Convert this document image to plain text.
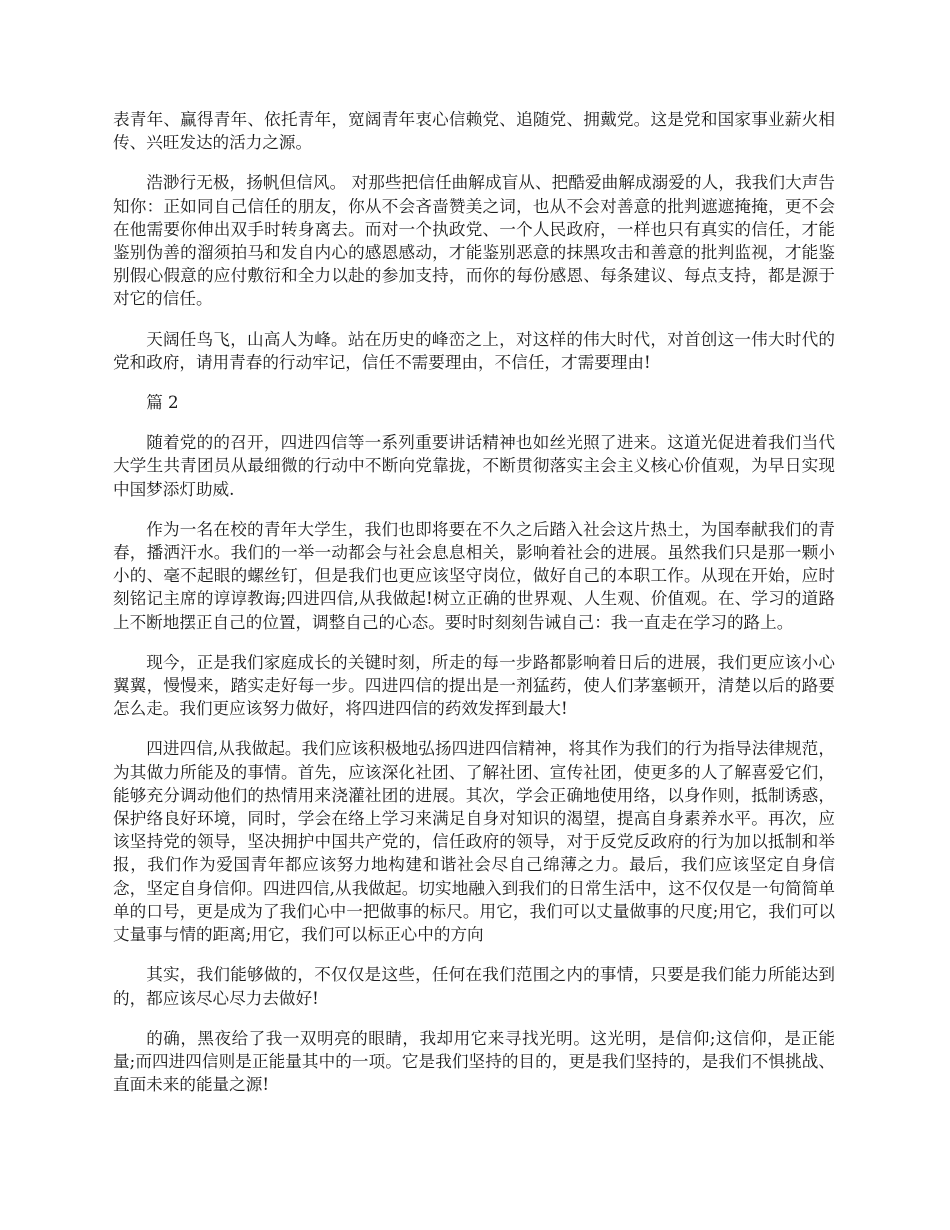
表青年、赢得青年、依托青年，宽阔青年衷心信赖党、追随党、拥戴党。这是党和国家事业薪火相传、兴旺发达的活力之源。

浩渺行无极，扬帆但信风。 对那些把信任曲解成盲从、把酷爱曲解成溺爱的人，我我们大声告知你：正如同自己信任的朋友，你从不会吝啬赞美之词，也从不会对善意的批判遮遮掩掩，更不会在他需要你伸出双手时转身离去。而对一个执政党、一个人民政府，一样也只有真实的信任，才能鉴别伪善的溜须拍马和发自内心的感恩感动，才能鉴别恶意的抹黑攻击和善意的批判监视，才能鉴别假心假意的应付敷衍和全力以赴的参加支持，而你的每份感恩、每条建议、每点支持，都是源于对它的信任。

天阔任鸟飞，山高人为峰。站在历史的峰峦之上，对这样的伟大时代，对首创这一伟大时代的党和政府，请用青春的行动牢记，信任不需要理由，不信任，才需要理由!

篇 2

随着党的的召开，四进四信等一系列重要讲话精神也如丝光照了进来。这道光促进着我们当代大学生共青团员从最细微的行动中不断向党靠拢，不断贯彻落实主会主义核心价值观，为早日实现中国梦添灯助威.

作为一名在校的青年大学生，我们也即将要在不久之后踏入社会这片热土，为国奉献我们的青春，播洒汗水。我们的一举一动都会与社会息息相关，影响着社会的进展。虽然我们只是那一颗小小的、毫不起眼的螺丝钉，但是我们也更应该坚守岗位，做好自己的本职工作。从现在开始，应时刻铭记主席的谆谆教诲;四进四信,从我做起!树立正确的世界观、人生观、价值观。在、学习的道路上不断地摆正自己的位置，调整自己的心态。要时时刻刻告诫自己：我一直走在学习的路上。

现今，正是我们家庭成长的关键时刻，所走的每一步路都影响着日后的进展，我们更应该小心翼翼，慢慢来，踏实走好每一步。四进四信的提出是一剂猛药，使人们茅塞顿开，清楚以后的路要怎么走。我们更应该努力做好，将四进四信的药效发挥到最大!

四进四信,从我做起。我们应该积极地弘扬四进四信精神，将其作为我们的行为指导法律规范，为其做力所能及的事情。首先，应该深化社团、了解社团、宣传社团，使更多的人了解喜爱它们，能够充分调动他们的热情用来浇灌社团的进展。其次，学会正确地使用络，以身作则，抵制诱惑，保护络良好环境，同时，学会在络上学习来满足自身对知识的渴望，提高自身素养水平。再次，应该坚持党的领导，坚决拥护中国共产党的，信任政府的领导，对于反党反政府的行为加以抵制和举报，我们作为爱国青年都应该努力地构建和谐社会尽自己绵薄之力。最后，我们应该坚定自身信念，坚定自身信仰。四进四信,从我做起。切实地融入到我们的日常生活中，这不仅仅是一句简简单单的口号，更是成为了我们心中一把做事的标尺。用它，我们可以丈量做事的尺度;用它，我们可以丈量事与情的距离;用它，我们可以标正心中的方向

其实，我们能够做的，不仅仅是这些，任何在我们范围之内的事情，只要是我们能力所能达到的，都应该尽心尽力去做好!

的确，黑夜给了我一双明亮的眼睛，我却用它来寻找光明。这光明，是信仰;这信仰，是正能量;而四进四信则是正能量其中的一项。它是我们坚持的目的，更是我们坚持的，是我们不惧挑战、直面未来的能量之源!
